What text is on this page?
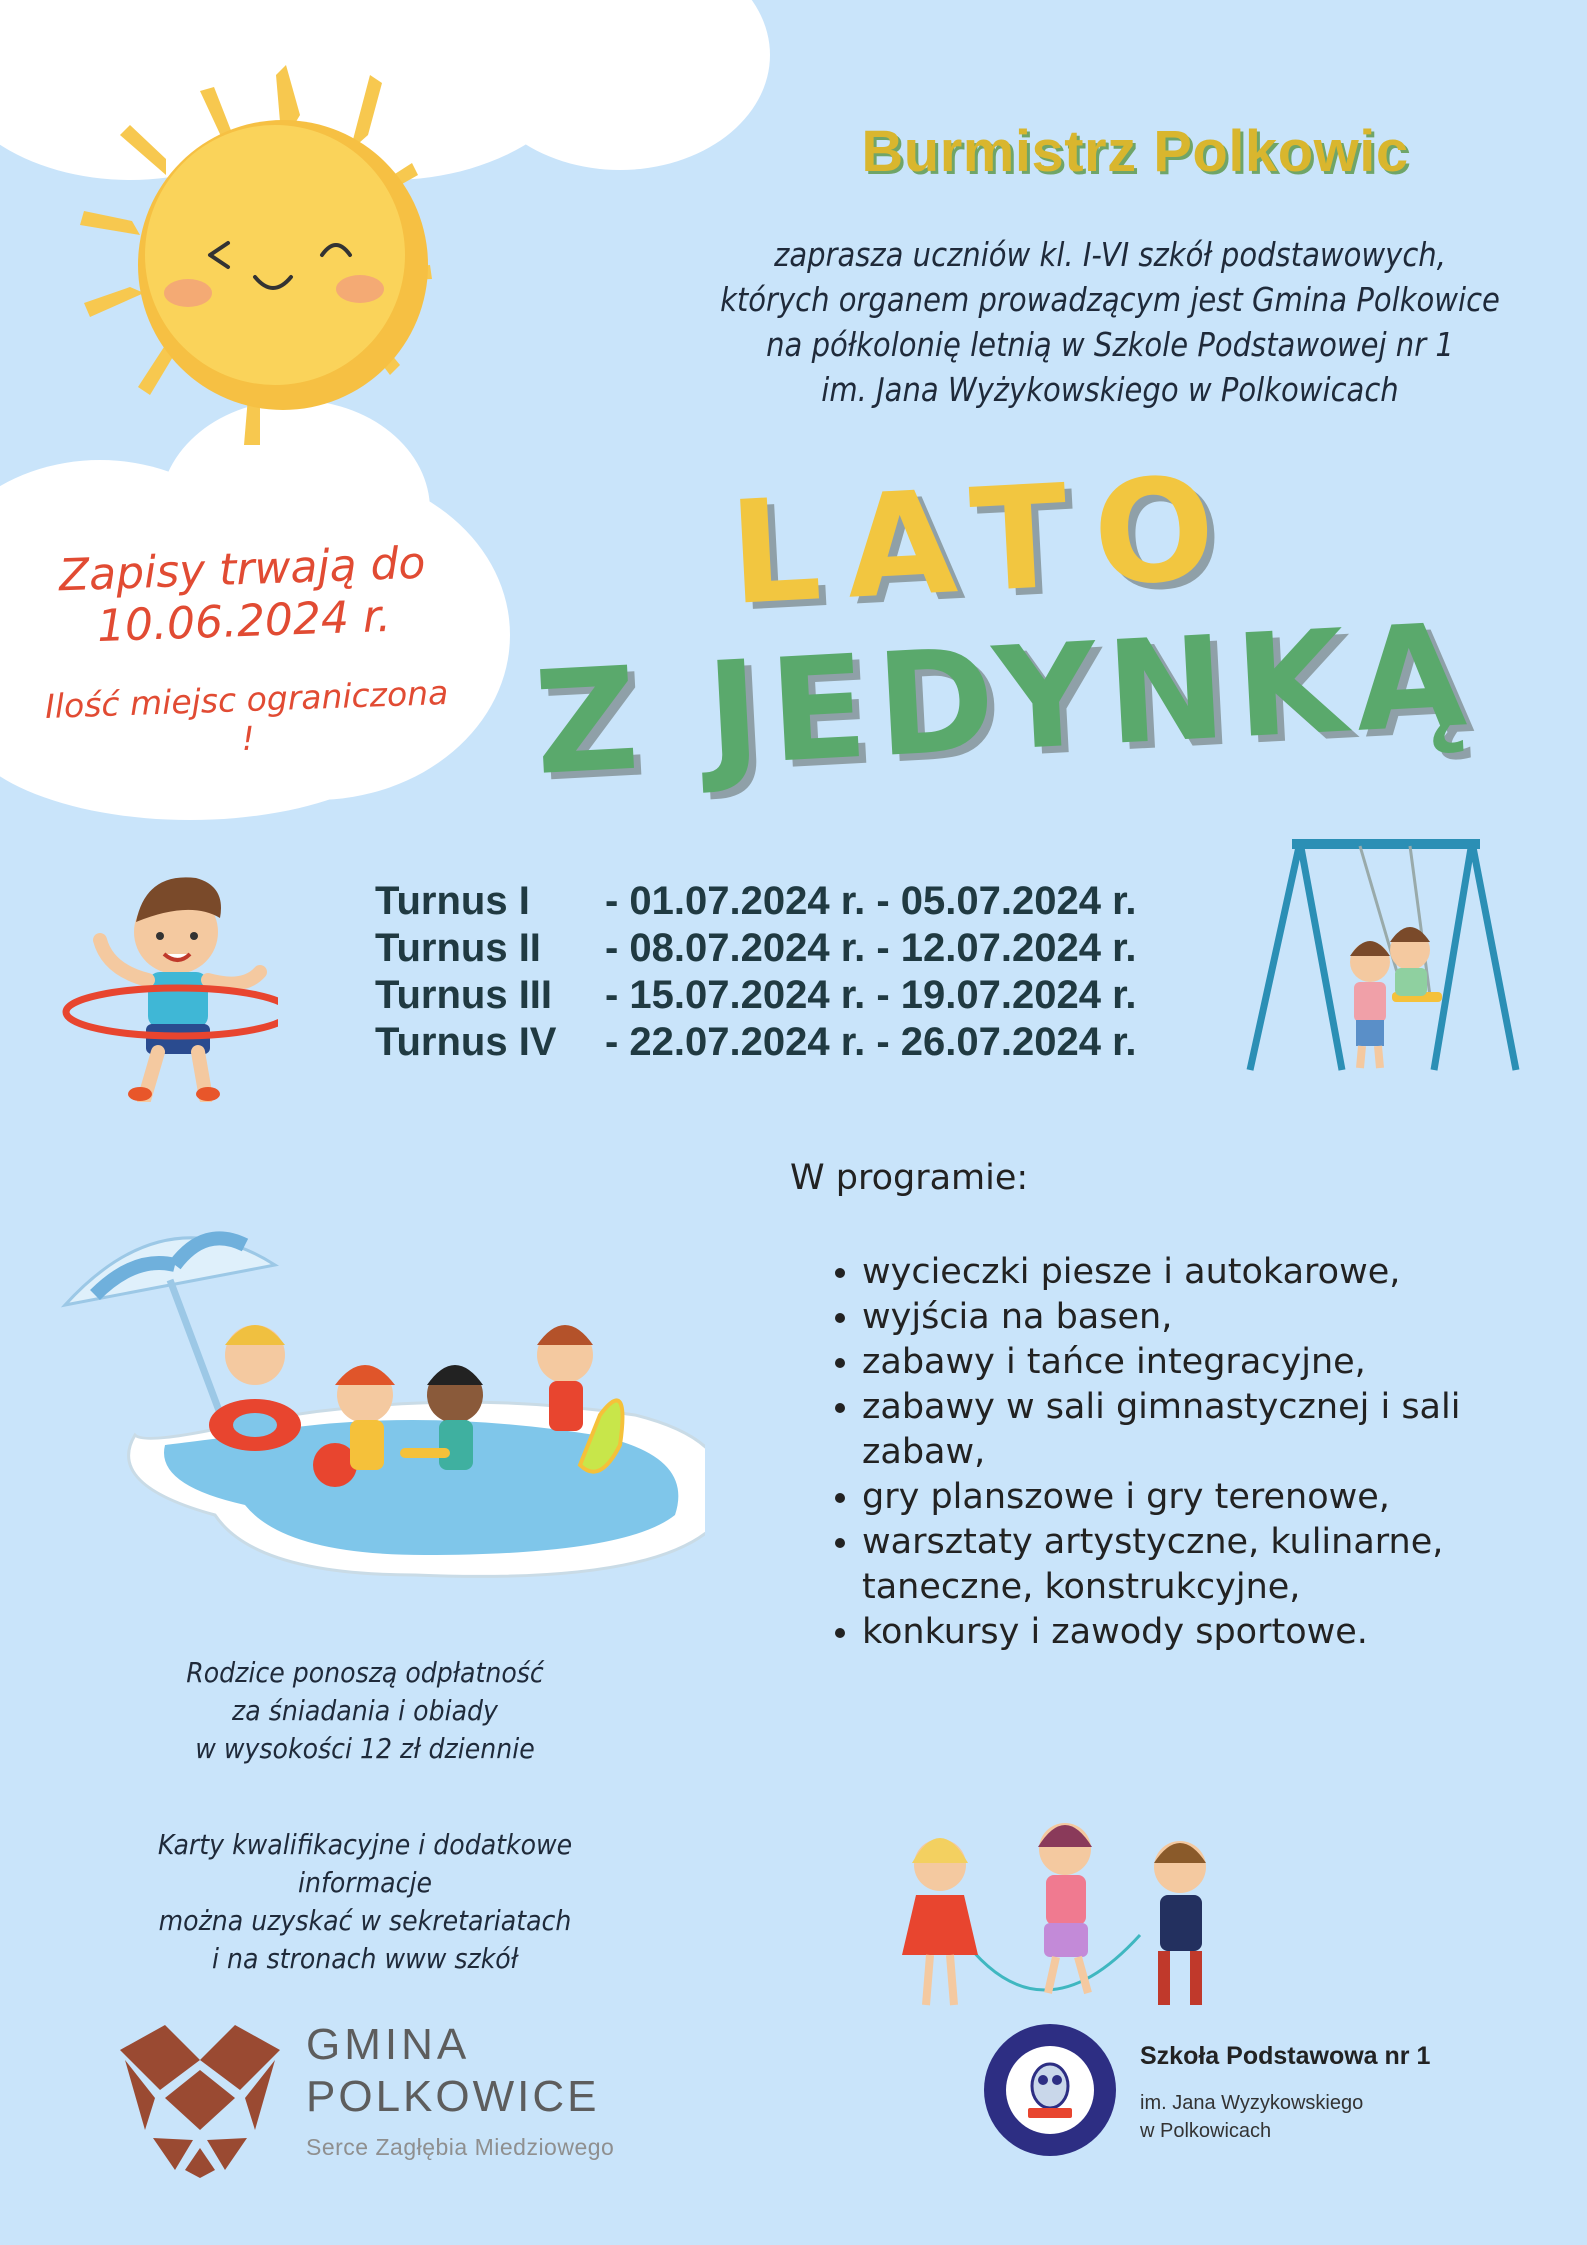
Burmistrz Polkowic
zaprasza uczniów kl. I-VI szkół podstawowych,
których organem prowadzącym jest Gmina Polkowice
na półkolonię letnią w Szkole Podstawowej nr 1
im. Jana Wyżykowskiego w Polkowicach
LATO
Z JEDYNKĄ
Zapisy trwają do
10.06.2024 r.
Ilość miejsc ograniczona !
Turnus I	- 01.07.2024 r. - 05.07.2024 r.
Turnus II	- 08.07.2024 r. - 12.07.2024 r.
Turnus III	- 15.07.2024 r. - 19.07.2024 r.
Turnus IV	- 22.07.2024 r. - 26.07.2024 r.
W programie:
• wycieczki piesze i autokarowe,
• wyjścia na basen,
• zabawy i tańce integracyjne,
• zabawy w sali gimnastycznej i sali zabaw,
• gry planszowe i gry terenowe,
• warsztaty artystyczne, kulinarne, taneczne, konstrukcyjne,
• konkursy i zawody sportowe.
Rodzice ponoszą odpłatność
za śniadania i obiady
w wysokości 12 zł dziennie
Karty kwalifikacyjne i dodatkowe informacje
można uzyskać w sekretariatach
i na stronach www szkół
GMINA
POLKOWICE
Serce Zagłębia Miedziowego
Szkoła Podstawowa nr 1
im. Jana Wyzykowskiego
w Polkowicach
